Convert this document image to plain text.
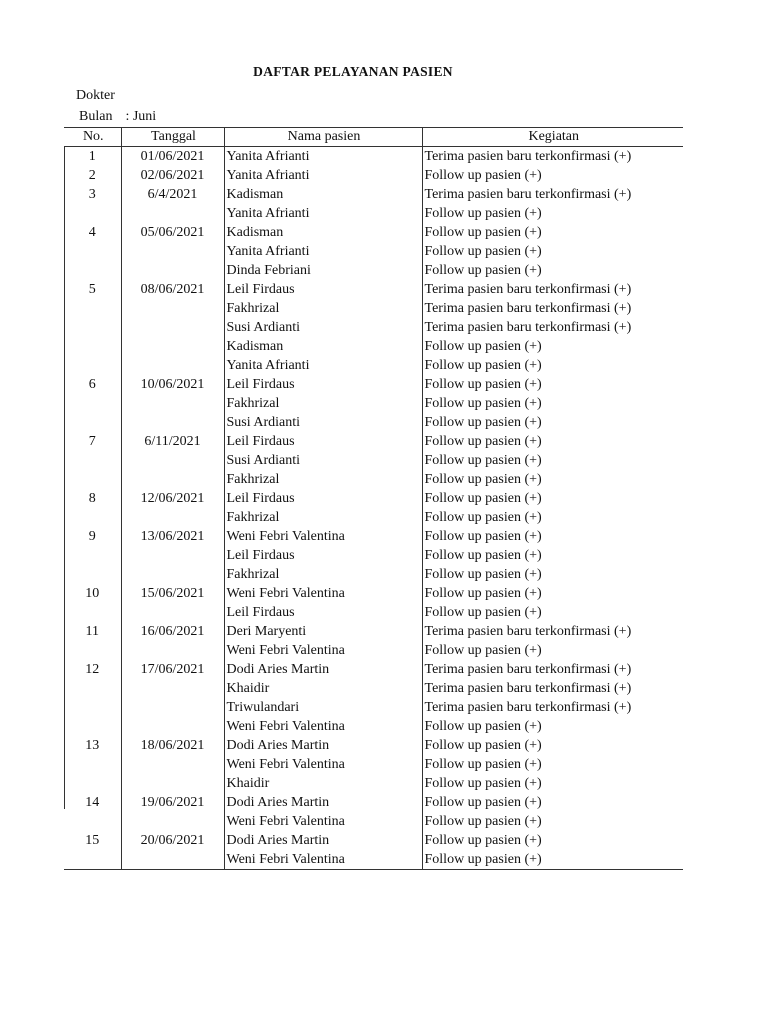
DAFTAR PELAYANAN PASIEN
Dokter
Bulan : Juni
No.	Tanggal	Nama pasien	Kegiatan
1	01/06/2021	Yanita Afrianti	Terima pasien baru terkonfirmasi (+)
2	02/06/2021	Yanita Afrianti	Follow up pasien (+)
3	6/4/2021	Kadisman	Terima pasien baru terkonfirmasi (+)
		Yanita Afrianti	Follow up pasien (+)
4	05/06/2021	Kadisman	Follow up pasien (+)
		Yanita Afrianti	Follow up pasien (+)
		Dinda Febriani	Follow up pasien (+)
5	08/06/2021	Leil Firdaus	Terima pasien baru terkonfirmasi (+)
		Fakhrizal	Terima pasien baru terkonfirmasi (+)
		Susi Ardianti	Terima pasien baru terkonfirmasi (+)
		Kadisman	Follow up pasien (+)
		Yanita Afrianti	Follow up pasien (+)
6	10/06/2021	Leil Firdaus	Follow up pasien (+)
		Fakhrizal	Follow up pasien (+)
		Susi Ardianti	Follow up pasien (+)
7	6/11/2021	Leil Firdaus	Follow up pasien (+)
		Susi Ardianti	Follow up pasien (+)
		Fakhrizal	Follow up pasien (+)
8	12/06/2021	Leil Firdaus	Follow up pasien (+)
		Fakhrizal	Follow up pasien (+)
9	13/06/2021	Weni Febri Valentina	Follow up pasien (+)
		Leil Firdaus	Follow up pasien (+)
		Fakhrizal	Follow up pasien (+)
10	15/06/2021	Weni Febri Valentina	Follow up pasien (+)
		Leil Firdaus	Follow up pasien (+)
11	16/06/2021	Deri Maryenti	Terima pasien baru terkonfirmasi (+)
		Weni Febri Valentina	Follow up pasien (+)
12	17/06/2021	Dodi Aries Martin	Terima pasien baru terkonfirmasi (+)
		Khaidir	Terima pasien baru terkonfirmasi (+)
		Triwulandari	Terima pasien baru terkonfirmasi (+)
		Weni Febri Valentina	Follow up pasien (+)
13	18/06/2021	Dodi Aries Martin	Follow up pasien (+)
		Weni Febri Valentina	Follow up pasien (+)
		Khaidir	Follow up pasien (+)
14	19/06/2021	Dodi Aries Martin	Follow up pasien (+)
		Weni Febri Valentina	Follow up pasien (+)
15	20/06/2021	Dodi Aries Martin	Follow up pasien (+)
		Weni Febri Valentina	Follow up pasien (+)
